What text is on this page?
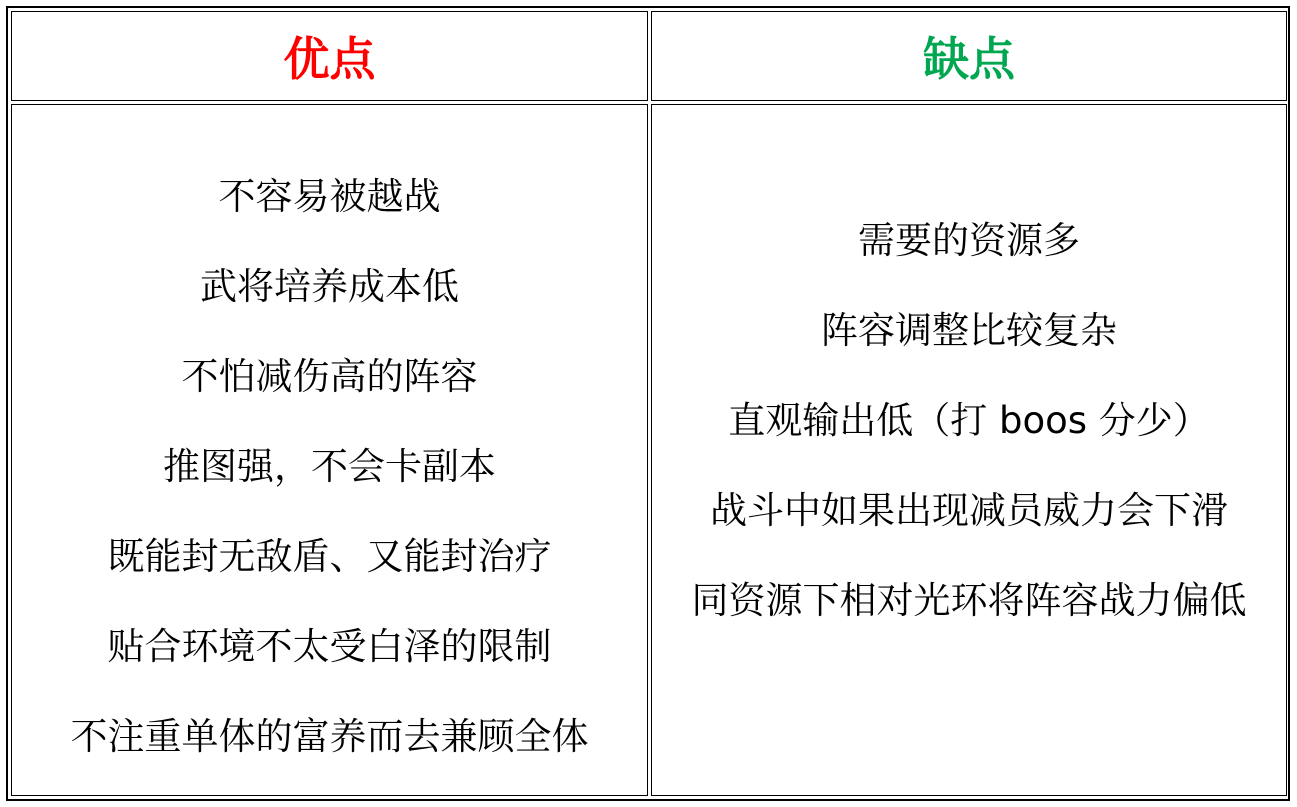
优点	缺点
不容易被越战
武将培养成本低
不怕减伤高的阵容
推图强，不会卡副本
既能封无敌盾、又能封治疗
贴合环境不太受白泽的限制
不注重单体的富养而去兼顾全体
需要的资源多
阵容调整比较复杂
直观输出低（打 boos 分少）
战斗中如果出现减员威力会下滑
同资源下相对光环将阵容战力偏低
